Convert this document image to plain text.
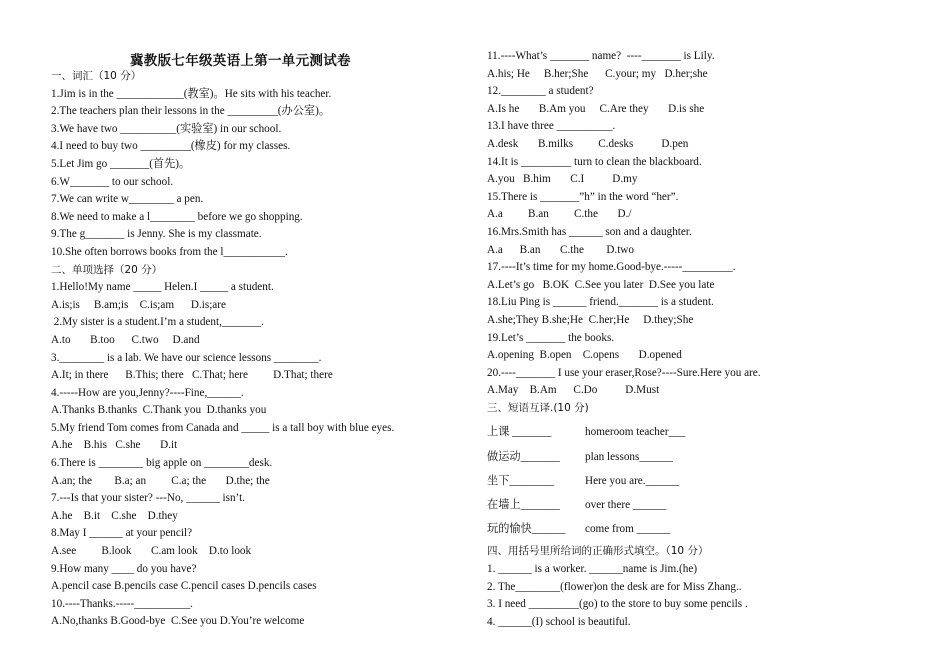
冀教版七年级英语上第一单元测试卷
一、词汇（10 分）
1.Jim is in the ____________(教室)。He sits with his teacher.
2.The teachers plan their lessons in the _________(办公室)。
3.We have two __________(实验室) in our school.
4.I need to buy two _________(橡皮) for my classes.
5.Let Jim go _______(首先)。
6.W_______ to our school.
7.We can write w________ a pen.
8.We need to make a l________ before we go shopping.
9.The g_______ is Jenny. She is my classmate.
10.She often borrows books from the l___________.
二、单项选择（20 分）
1.Hello!My name _____ Helen.I _____ a student.
A.is;is     B.am;is    C.is;am      D.is;are
2.My sister is a student.I’m a student,_______.
A.to       B.too      C.two     D.and
3.________ is a lab. We have our science lessons ________.
A.It; in there      B.This; there   C.That; here         D.That; there
4.-----How are you,Jenny?----Fine,______.
A.Thanks B.thanks  C.Thank you  D.thanks you
5.My friend Tom comes from Canada and _____ is a tall boy with blue eyes.
A.he    B.his   C.she       D.it
6.There is ________ big apple on ________desk.
A.an; the        B.a; an         C.a; the       D.the; the
7.---Is that your sister? ---No, ______ isn’t.
A.he    B.it    C.she    D.they
8.May I ______ at your pencil?
A.see         B.look       C.am look    D.to look
9.How many ____ do you have?
A.pencil case B.pencils case C.pencil cases D.pencils cases
10.----Thanks.-----__________.
A.No,thanks B.Good-bye  C.See you D.You’re welcome
11.----What’s _______ name?  ----_______ is Lily.
A.his; He     B.her;She      C.your; my   D.her;she
12.________ a student?
A.Is he       B.Am you     C.Are they       D.is she
13.I have three __________.
A.desk       B.milks         C.desks          D.pen
14.It is _________ turn to clean the blackboard.
A.you   B.him       C.I          D.my
15.There is _______”h” in the word “her”.
A.a         B.an         C.the       D./
16.Mrs.Smith has ______ son and a daughter.
A.a      B.an       C.the        D.two
17.----It’s time for my home.Good-bye.-----_________.
A.Let’s go   B.OK  C.See you later  D.See you late
18.Liu Ping is ______ friend._______ is a student.
A.she;They B.she;He  C.her;He     D.they;She
19.Let’s _______ the books.
A.opening  B.open    C.opens       D.opened
20.----_______ I use your eraser,Rose?----Sure.Here you are.
A.May    B.Am      C.Do          D.Must
三、短语互译.(10 分)
上课 _______	homeroom teacher___
做运动_______ plan lessons______
坐下________	Here you are.______
在墙上_______ over there ______
玩的愉快______ come from ______
四、用括号里所给词的正确形式填空。（10 分）
1. ______ is a worker. ______name is Jim.(he)
2. The________(flower)on the desk are for Miss Zhang..
3. I need _________(go) to the store to buy some pencils .
4. ______(I) school is beautiful.
